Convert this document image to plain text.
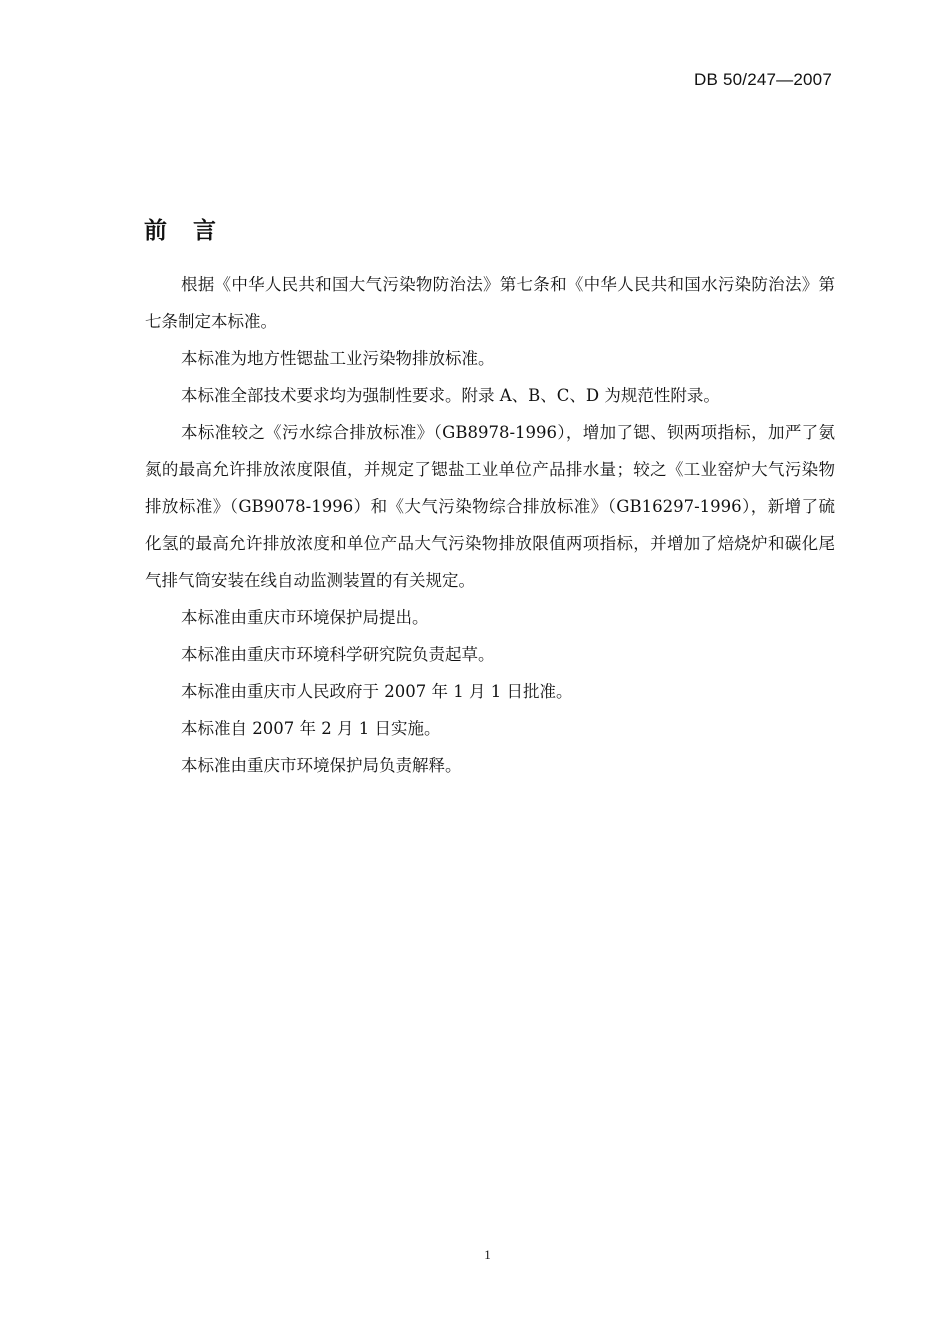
DB 50/247—2007
前言

根据《中华人民共和国大气污染物防治法》第七条和《中华人民共和国水污染防治法》第七条制定本标准。

本标准为地方性锶盐工业污染物排放标准。

本标准全部技术要求均为强制性要求。附录 A、B、C、D 为规范性附录。

本标准较之《污水综合排放标准》（GB8978-1996），增加了锶、钡两项指标，加严了氨氮的最高允许排放浓度限值，并规定了锶盐工业单位产品排水量；较之《工业窑炉大气污染物排放标准》（GB9078-1996）和《大气污染物综合排放标准》（GB16297-1996），新增了硫化氢的最高允许排放浓度和单位产品大气污染物排放限值两项指标，并增加了焙烧炉和碳化尾气排气筒安装在线自动监测装置的有关规定。

本标准由重庆市环境保护局提出。

本标准由重庆市环境科学研究院负责起草。

本标准由重庆市人民政府于 2007 年 1 月 1 日批准。

本标准自 2007 年 2 月 1 日实施。

本标准由重庆市环境保护局负责解释。

1
